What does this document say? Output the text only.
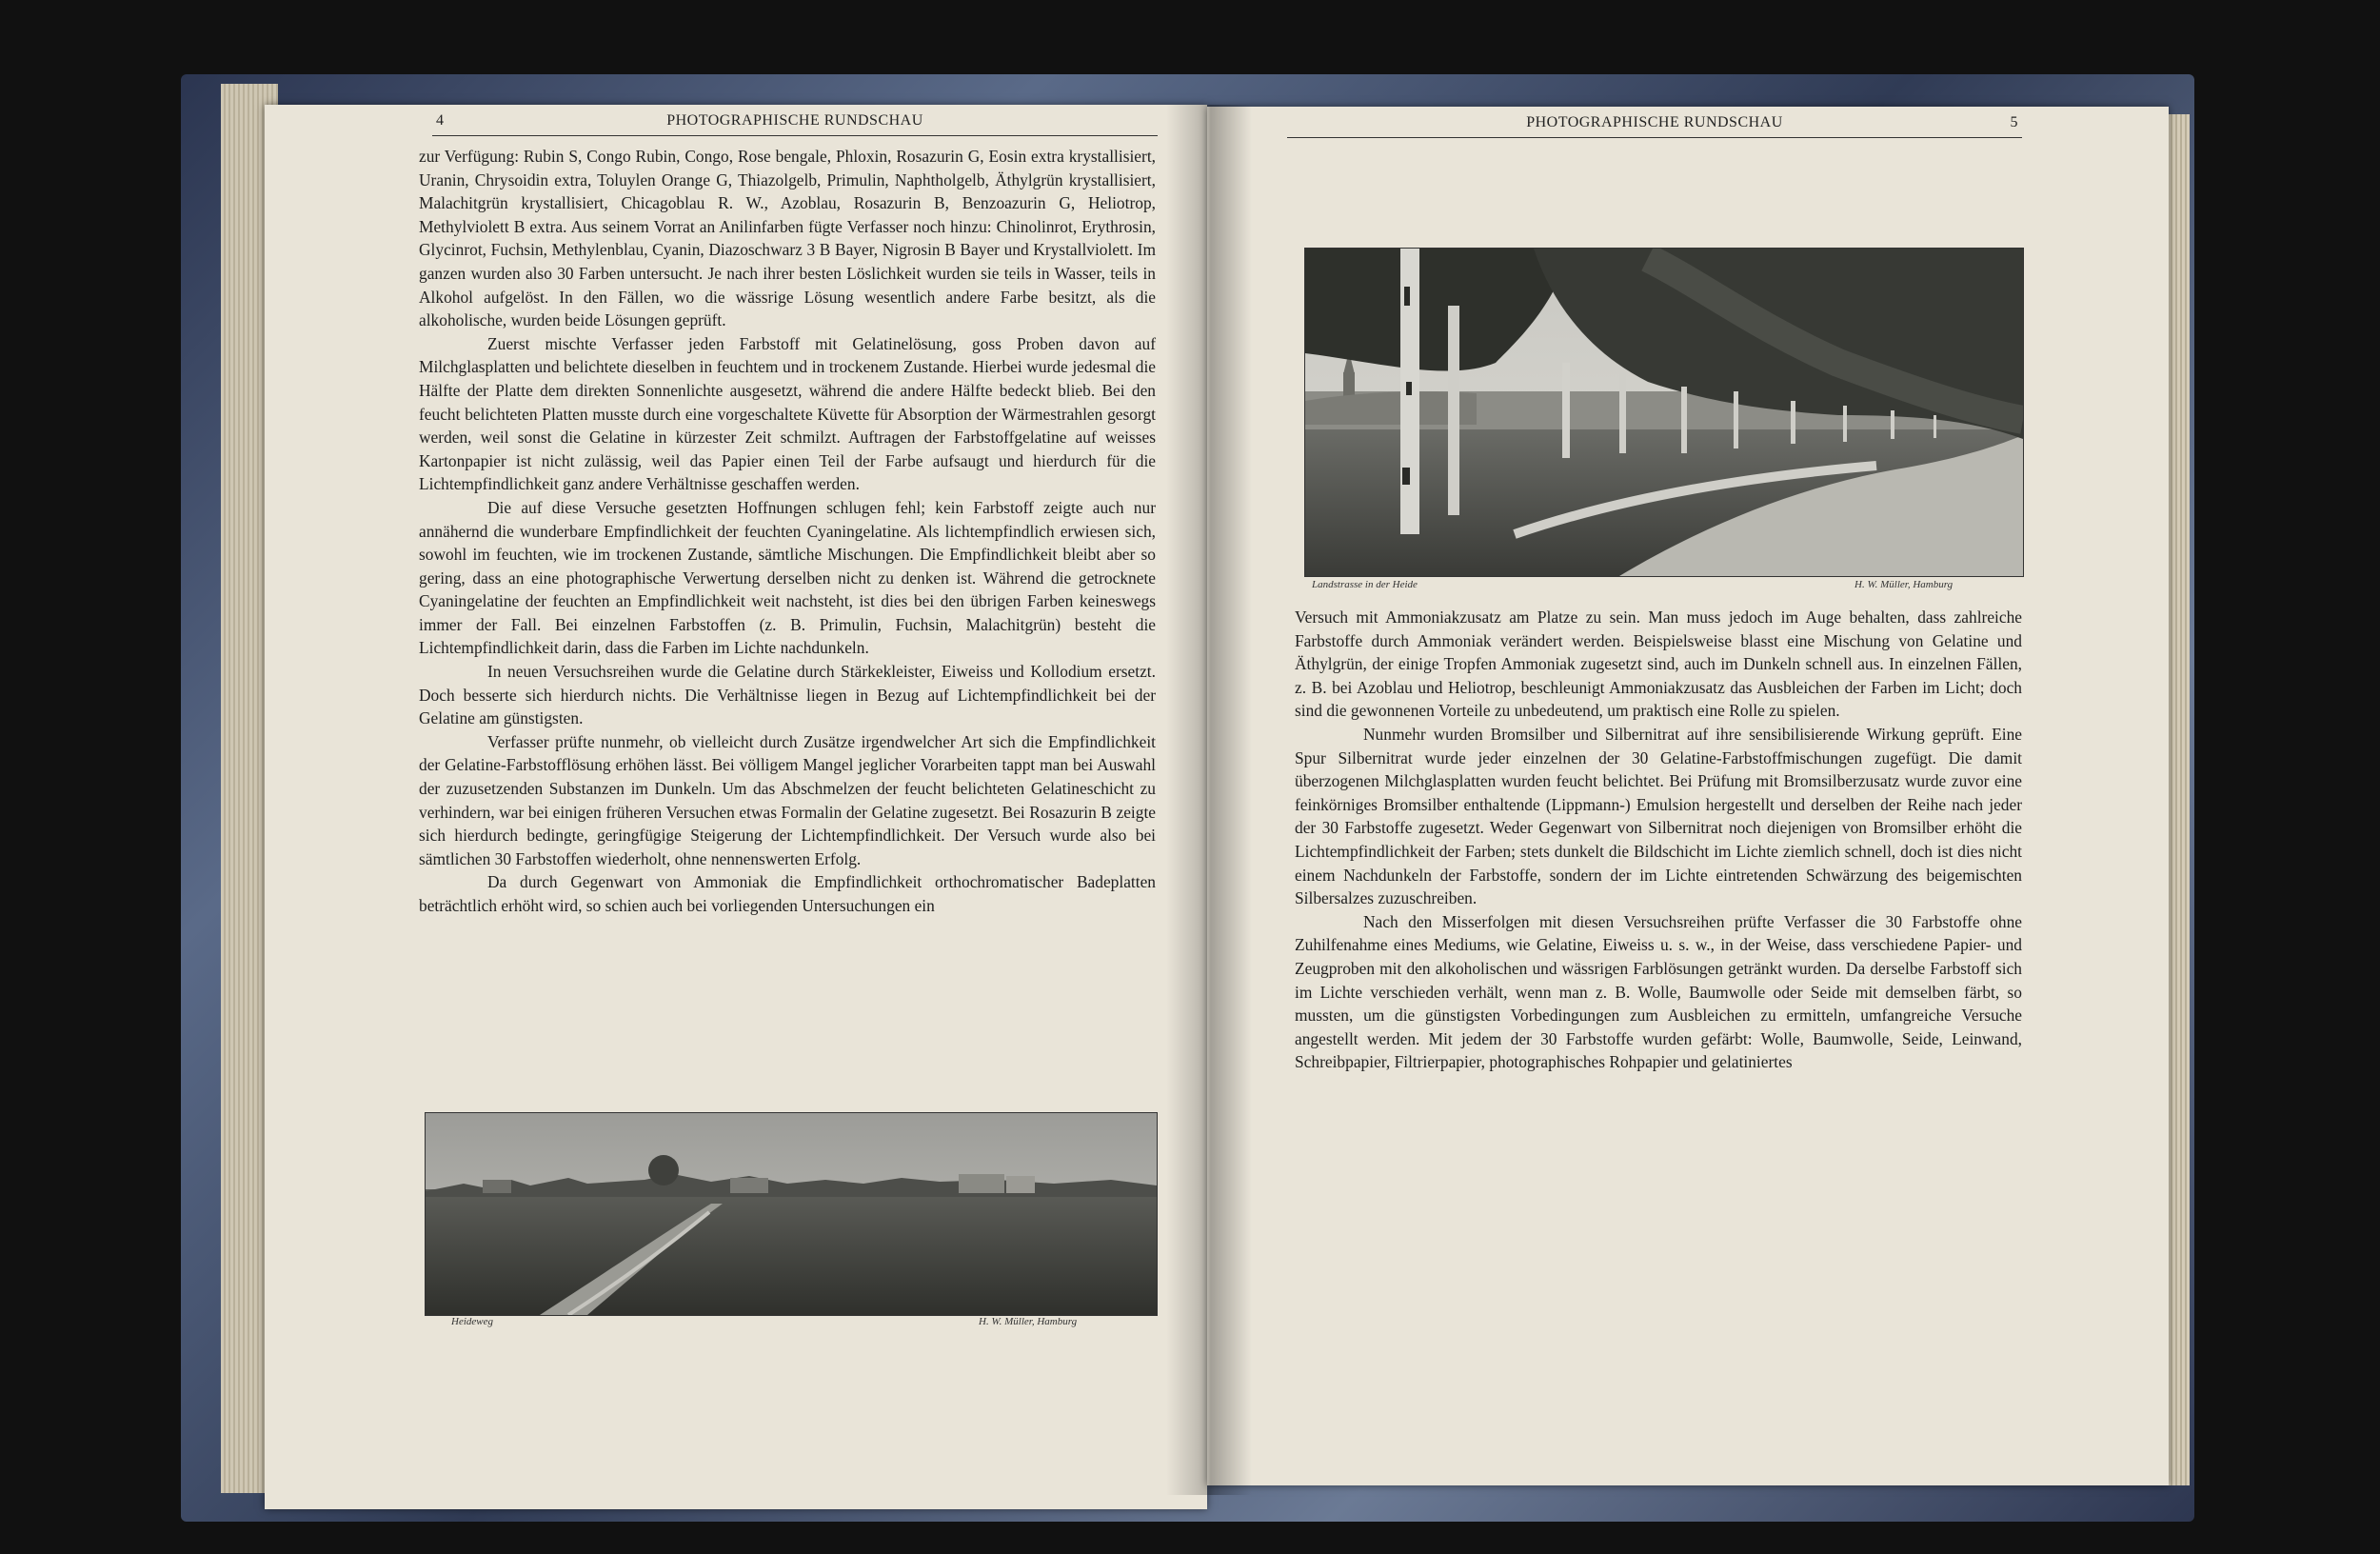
4	PHOTOGRAPHISCHE RUNDSCHAU

zur Verfügung: Rubin S, Congo Rubin, Congo, Rose bengale, Phloxin, Rosazurin G, Eosin extra krystallisiert, Uranin, Chrysoidin extra, Toluylen Orange G, Thiazolgelb, Primulin, Naphtholgelb, Äthylgrün krystallisiert, Malachitgrün krystallisiert, Chicagoblau R. W., Azoblau, Rosazurin B, Benzoazurin G, Heliotrop, Methylviolett B extra. Aus seinem Vorrat an Anilinfarben fügte Verfasser noch hinzu: Chinolinrot, Erythrosin, Glycinrot, Fuchsin, Methylenblau, Cyanin, Diazoschwarz 3 B Bayer, Nigrosin B Bayer und Krystallviolett. Im ganzen wurden also 30 Farben untersucht. Je nach ihrer besten Löslichkeit wurden sie teils in Wasser, teils in Alkohol aufgelöst. In den Fällen, wo die wässrige Lösung wesentlich andere Farbe besitzt, als die alkoholische, wurden beide Lösungen geprüft.

Zuerst mischte Verfasser jeden Farbstoff mit Gelatinelösung, goss Proben davon auf Milchglasplatten und belichtete dieselben in feuchtem und in trockenem Zustande. Hierbei wurde jedesmal die Hälfte der Platte dem direkten Sonnenlichte ausgesetzt, während die andere Hälfte bedeckt blieb. Bei den feucht belichteten Platten musste durch eine vorgeschaltete Küvette für Absorption der Wärmestrahlen gesorgt werden, weil sonst die Gelatine in kürzester Zeit schmilzt. Auftragen der Farbstoffgelatine auf weisses Kartonpapier ist nicht zulässig, weil das Papier einen Teil der Farbe aufsaugt und hierdurch für die Lichtempfindlichkeit ganz andere Verhältnisse geschaffen werden.

Die auf diese Versuche gesetzten Hoffnungen schlugen fehl; kein Farbstoff zeigte auch nur annähernd die wunderbare Empfindlichkeit der feuchten Cyaningelatine. Als lichtempfindlich erwiesen sich, sowohl im feuchten, wie im trockenen Zustande, sämtliche Mischungen. Die Empfindlichkeit bleibt aber so gering, dass an eine photographische Verwertung derselben nicht zu denken ist. Während die getrocknete Cyaningelatine der feuchten an Empfindlichkeit weit nachsteht, ist dies bei den übrigen Farben keineswegs immer der Fall. Bei einzelnen Farbstoffen (z. B. Primulin, Fuchsin, Malachitgrün) besteht die Lichtempfindlichkeit darin, dass die Farben im Lichte nachdunkeln.

In neuen Versuchsreihen wurde die Gelatine durch Stärkekleister, Eiweiss und Kollodium ersetzt. Doch besserte sich hierdurch nichts. Die Verhältnisse liegen in Bezug auf Lichtempfindlichkeit bei der Gelatine am günstigsten.

Verfasser prüfte nunmehr, ob vielleicht durch Zusätze irgendwelcher Art sich die Empfindlichkeit der Gelatine-Farbstofflösung erhöhen lässt. Bei völligem Mangel jeglicher Vorarbeiten tappt man bei Auswahl der zuzusetzenden Substanzen im Dunkeln. Um das Abschmelzen der feucht belichteten Gelatineschicht zu verhindern, war bei einigen früheren Versuchen etwas Formalin der Gelatine zugesetzt. Bei Rosazurin B zeigte sich hierdurch bedingte, geringfügige Steigerung der Lichtempfindlichkeit. Der Versuch wurde also bei sämtlichen 30 Farbstoffen wiederholt, ohne nennenswerten Erfolg.

Da durch Gegenwart von Ammoniak die Empfindlichkeit orthochromatischer Badeplatten beträchtlich erhöht wird, so schien auch bei vorliegenden Untersuchungen ein

Heideweg	H. W. Müller, Hamburg
PHOTOGRAPHISCHE RUNDSCHAU	5
Landstrasse in der Heide	H. W. Müller, Hamburg

Versuch mit Ammoniakzusatz am Platze zu sein. Man muss jedoch im Auge behalten, dass zahlreiche Farbstoffe durch Ammoniak verändert werden. Beispielsweise blasst eine Mischung von Gelatine und Äthylgrün, der einige Tropfen Ammoniak zugesetzt sind, auch im Dunkeln schnell aus. In einzelnen Fällen, z. B. bei Azoblau und Heliotrop, beschleunigt Ammoniakzusatz das Ausbleichen der Farben im Licht; doch sind die gewonnenen Vorteile zu unbedeutend, um praktisch eine Rolle zu spielen.

Nunmehr wurden Bromsilber und Silbernitrat auf ihre sensibilisierende Wirkung geprüft. Eine Spur Silbernitrat wurde jeder einzelnen der 30 Gelatine-Farbstoffmischungen zugefügt. Die damit überzogenen Milchglasplatten wurden feucht belichtet. Bei Prüfung mit Bromsilberzusatz wurde zuvor eine feinkörniges Bromsilber enthaltende (Lippmann-) Emulsion hergestellt und derselben der Reihe nach jeder der 30 Farbstoffe zugesetzt. Weder Gegenwart von Silbernitrat noch diejenigen von Bromsilber erhöht die Lichtempfindlichkeit der Farben; stets dunkelt die Bildschicht im Lichte ziemlich schnell, doch ist dies nicht einem Nachdunkeln der Farbstoffe, sondern der im Lichte eintretenden Schwärzung des beigemischten Silbersalzes zuzuschreiben.

Nach den Misserfolgen mit diesen Versuchsreihen prüfte Verfasser die 30 Farbstoffe ohne Zuhilfenahme eines Mediums, wie Gelatine, Eiweiss u. s. w., in der Weise, dass verschiedene Papier- und Zeugproben mit den alkoholischen und wässrigen Farblösungen getränkt wurden. Da derselbe Farbstoff sich im Lichte verschieden verhält, wenn man z. B. Wolle, Baumwolle oder Seide mit demselben färbt, so mussten, um die günstigsten Vorbedingungen zum Ausbleichen zu ermitteln, umfangreiche Versuche angestellt werden. Mit jedem der 30 Farbstoffe wurden gefärbt: Wolle, Baumwolle, Seide, Leinwand, Schreibpapier, Filtrierpapier, photographisches Rohpapier und gelatiniertes
